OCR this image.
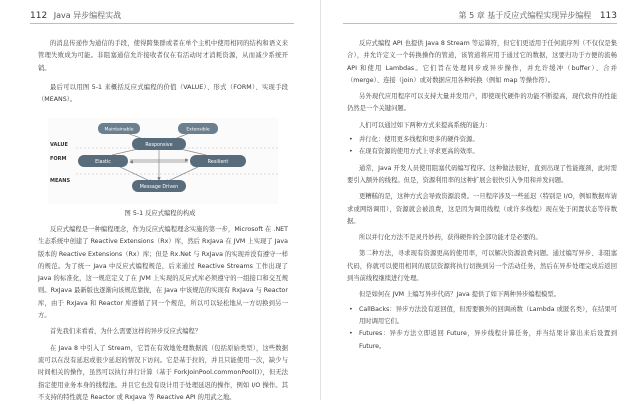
112 Java 异步编程实战

的消息传递作为通信的手段，使得跨集群或者在单个主机中使用相同的结构和语义来管理失败成为可能。非阻塞通信允许接收者仅在有活动时才消耗资源，从而减少系统开销。

最后可以用图 5-1 来概括反应式编程的价值（VALUE）、形式（FORM）、实现手段（MEANS）。

VALUE
FORM
MEANS
Maintainable	Extensible
Responsive
Elastic	Resilient
Message Driven
图 5-1 反应式编程的构成

反应式编程是一种编程理念，作为反应式编程理念实施的第一步，Microsoft 在 .NET 生态系统中创建了 Reactive Extensions（Rx）库，然后 RxJava 在 JVM 上实现了 Java 版本的 Reactive Extensions（Rx）库；但是 Rx.Net 与 RxJava 的实现并没有遵守一样的规范。为了统一 Java 中反应式编程规范，后来通过 Reactive Streams 工作出现了 Java 的标准化，这一规范定义了在 JVM 上实现的反应式库必须遵守的一组接口和交互规则。RxJava 最新版也逐渐向该规范靠拢，在 Java 中该规范的实现有 RxJava 与 Reactor 库，由于 RxJava 和 Reactor 库遵循了同一个规范，所以可以轻松地从一方切换到另一方。

首先我们来看看，为什么需要这样的异步反应式编程？

在 Java 8 中引入了 Stream，它旨在有效地处理数据流（包括原始类型），这些数据流可以在没有延迟或很少延迟的情况下访问。它是基于拉的，并且只能使用一次，缺少与时间相关的操作，虽然可以执行并行计算（基于 ForkJoinPool.commonPool()），但无法指定使用业务本身的线程池。并且它也没有设计用于处理延迟的操作，例如 I/O 操作。其不支持的特性就是 Reactor 或 RxJava 等 Reactive API 的用武之地。

第 5 章 基于反应式编程实现异步编程 113

反应式编程 API 也提供 Java 8 Stream 等运算符，但它们更适用于任何流序列（不仅仅是集合），并允许定义一个转换操作的管道，该管道将应用于通过它的数据，这要归功于方便的流畅 API 和使用 Lambdas。它们旨在处理同步或异步操作，并允许缓冲（buffer）、合并（merge）、连接（join）或对数据应用各种转换（例如 map 等操作符）。

另外现代应用程序可以支持大量并发用户，即使现代硬件的功能不断提高，现代软件的性能仍然是一个关键问题。

人们可以通过如下两种方式来提高系统的能力：

• 并行化：使用更多线程和更多的硬件资源。
• 在现有资源的使用方式上寻求更高的效率。

通常，Java 开发人员使用阻塞代码编写程序。这种做法很好，直到出现了性能瓶颈，此时需要引入额外的线程。但是，资源利用率的这种扩展会很快引入争用和并发问题。

更糟糕的是，这种方式会导致资源浪费。一旦程序涉及一些延迟（特别是 I/O，例如数据库请求或网络调用），资源就会被浪费，这是因为调用线程（或许多线程）现在处于闲置状态等待数据。

所以并行化方法不是灵丹妙药，获得硬件的全部功能才是必要的。

第二种方法，寻求现有资源更高的使用率，可以解决资源浪费问题。通过编写异步、非阻塞代码，你就可以使用相同的底层资源将执行切换到另一个活动任务，然后在异步处理完成后返回到当前线程继续进行处理。

但是如何在 JVM 上编写异步代码？Java 提供了如下两种异步编程模型。

• CallBacks：异步方法没有返回值，但需要额外的回调函数（Lambda 或匿名类），在结果可用时调用它们。
• Futures：异步方法立即返回 Future，异步线程计算任务，并当结果计算出来后设置到 Future。
